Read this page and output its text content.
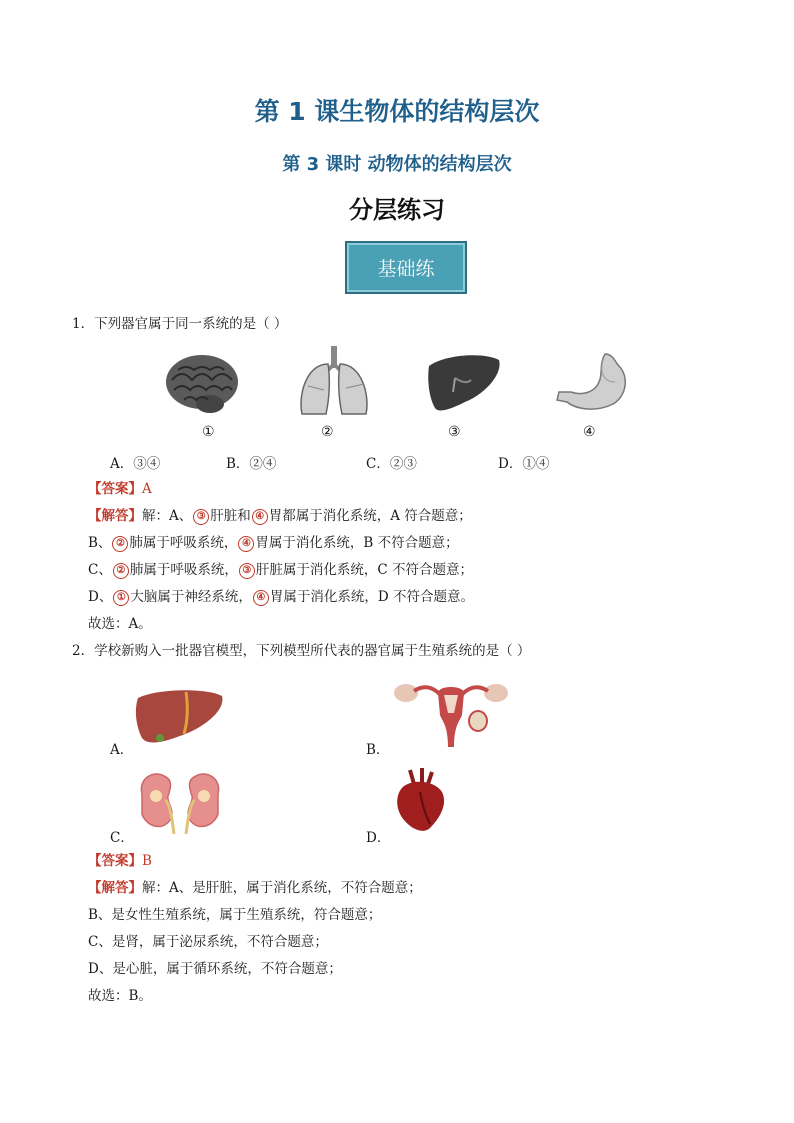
第 1 课生物体的结构层次
第 3 课时 动物体的结构层次
分层练习
基础练
1．下列器官属于同一系统的是（ ）
①	②	③	④
A．③④	B．②④	C．②③	D．①④
【答案】A
【解答】解：A、 ③ 肝脏和 ④ 胃都属于消化系统，A 符合题意；
B、 ② 肺属于呼吸系统， ④ 胃属于消化系统，B 不符合题意；
C、 ② 肺属于呼吸系统， ③ 肝脏属于消化系统，C 不符合题意；
D、 ① 大脑属于神经系统， ④ 胃属于消化系统，D 不符合题意。
故选：A。
2．学校新购入一批器官模型，下列模型所代表的器官属于生殖系统的是（ ）
A．	B．
C．	D．
【答案】B
【解答】解：A、是肝脏，属于消化系统，不符合题意；
B、是女性生殖系统，属于生殖系统，符合题意；
C、是肾，属于泌尿系统，不符合题意；
D、是心脏，属于循环系统，不符合题意；
故选：B。
